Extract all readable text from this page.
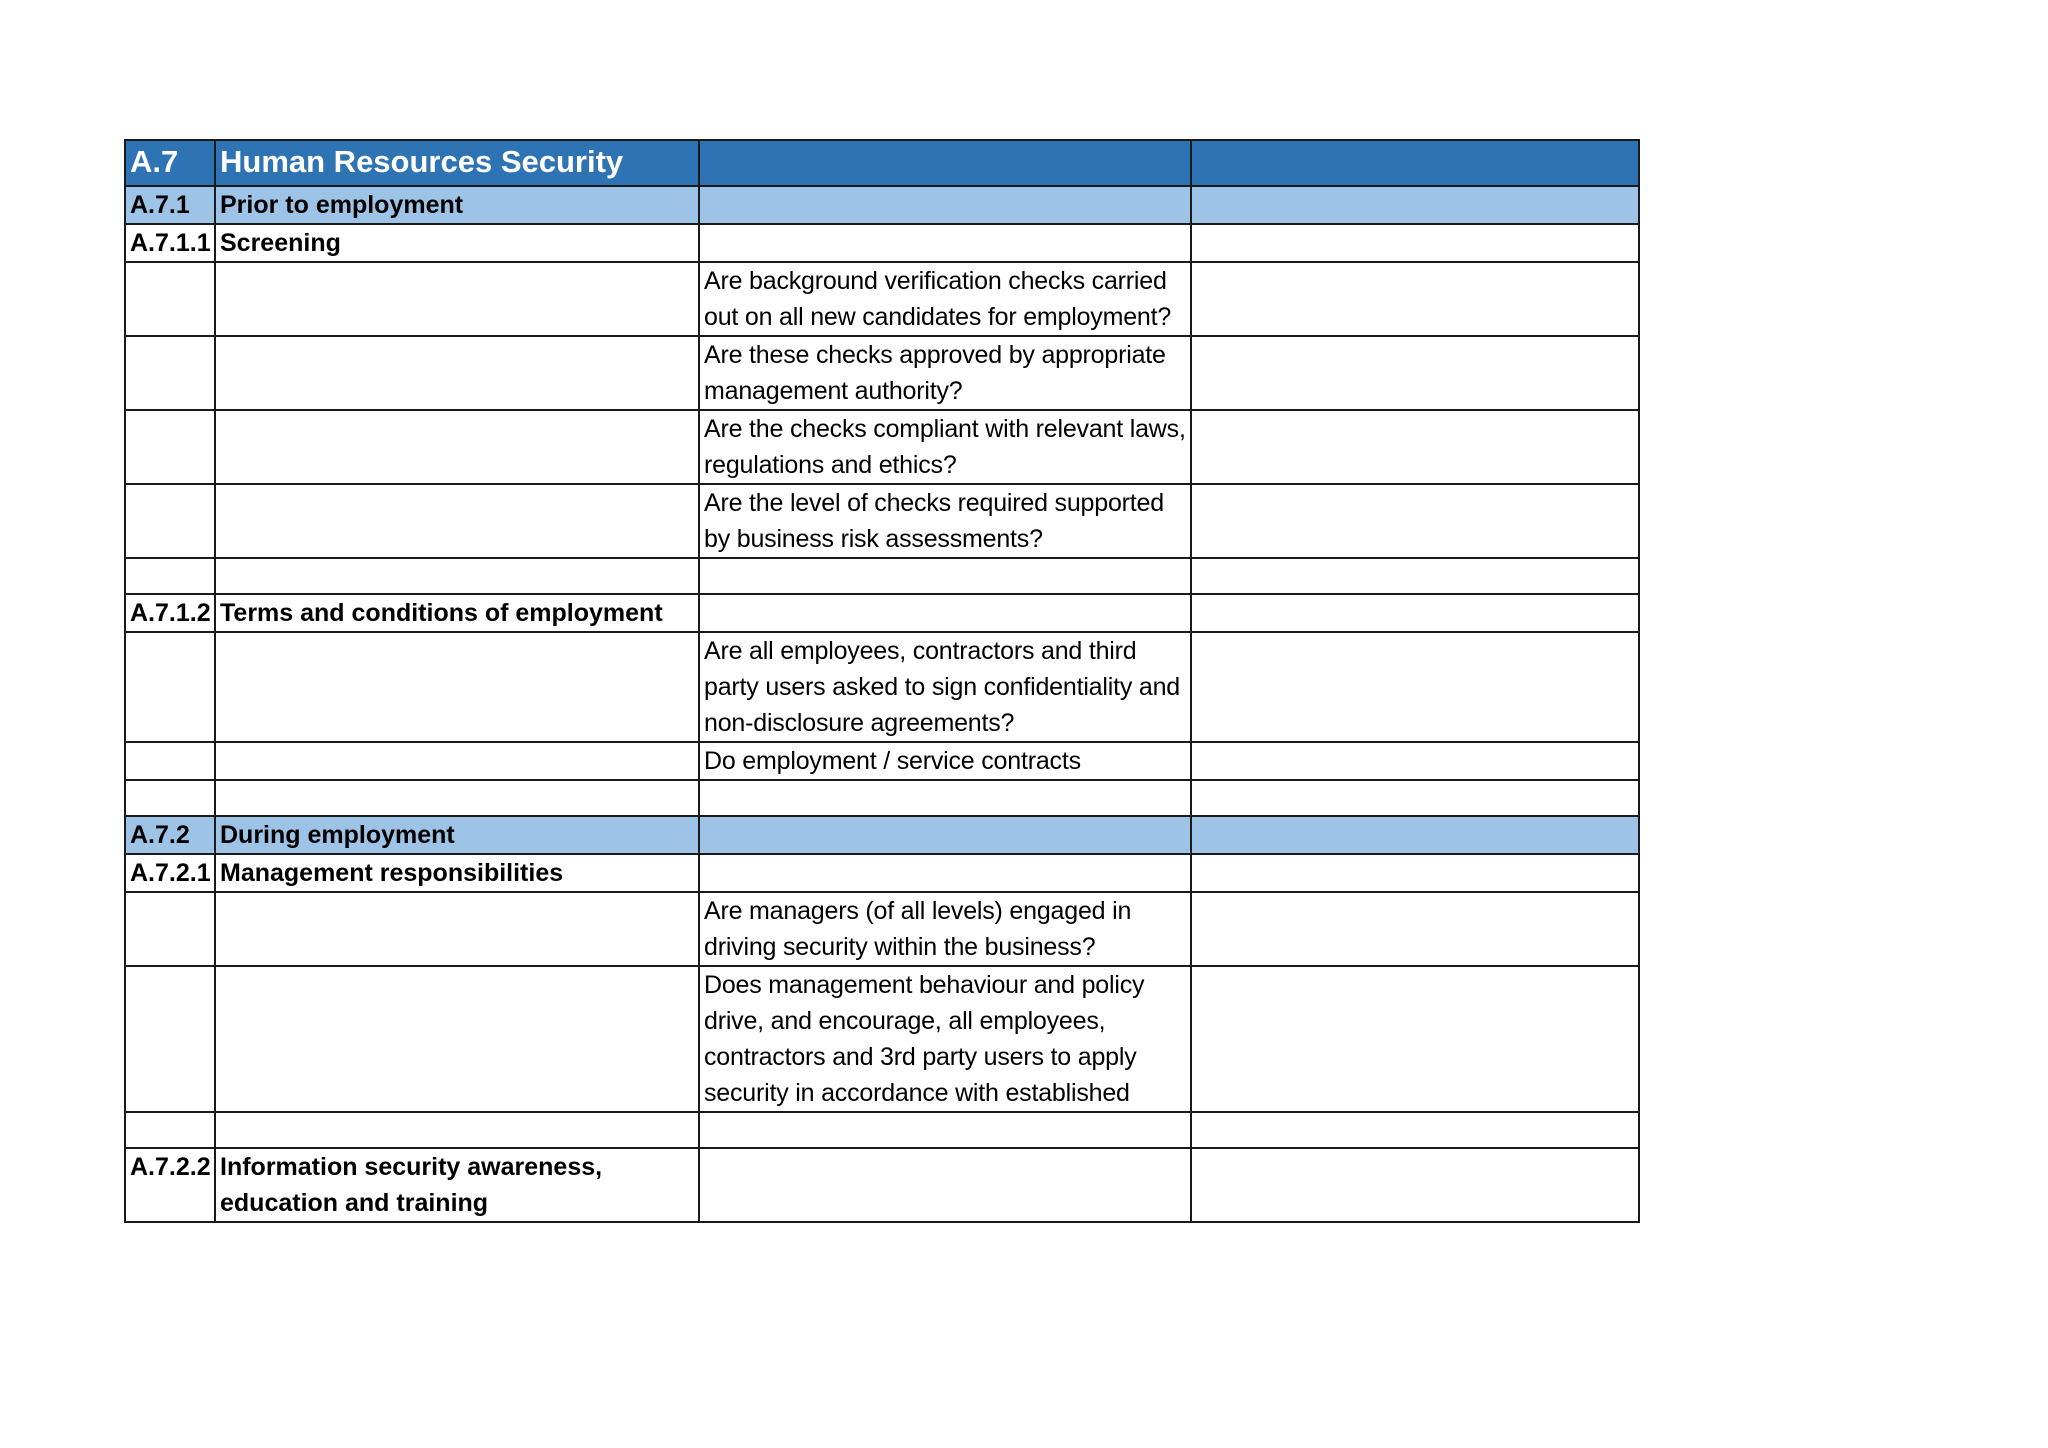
A.7	Human Resources Security		
A.7.1	Prior to employment		
A.7.1.1	Screening		
		Are background verification checks carried out on all new candidates for employment?	
		Are these checks approved by appropriate management authority?	
		Are the checks compliant with relevant laws, regulations and ethics?	
		Are the level of checks required supported by business risk assessments?	

A.7.1.2	Terms and conditions of employment		
		Are all employees, contractors and third party users asked to sign confidentiality and non-disclosure agreements?	
		Do employment / service contracts	

A.7.2	During employment		
A.7.2.1	Management responsibilities		
		Are managers (of all levels) engaged in driving security within the business?	
		Does management behaviour and policy drive, and encourage, all employees, contractors and 3rd party users to apply security in accordance with established	

A.7.2.2	Information security awareness, education and training		
